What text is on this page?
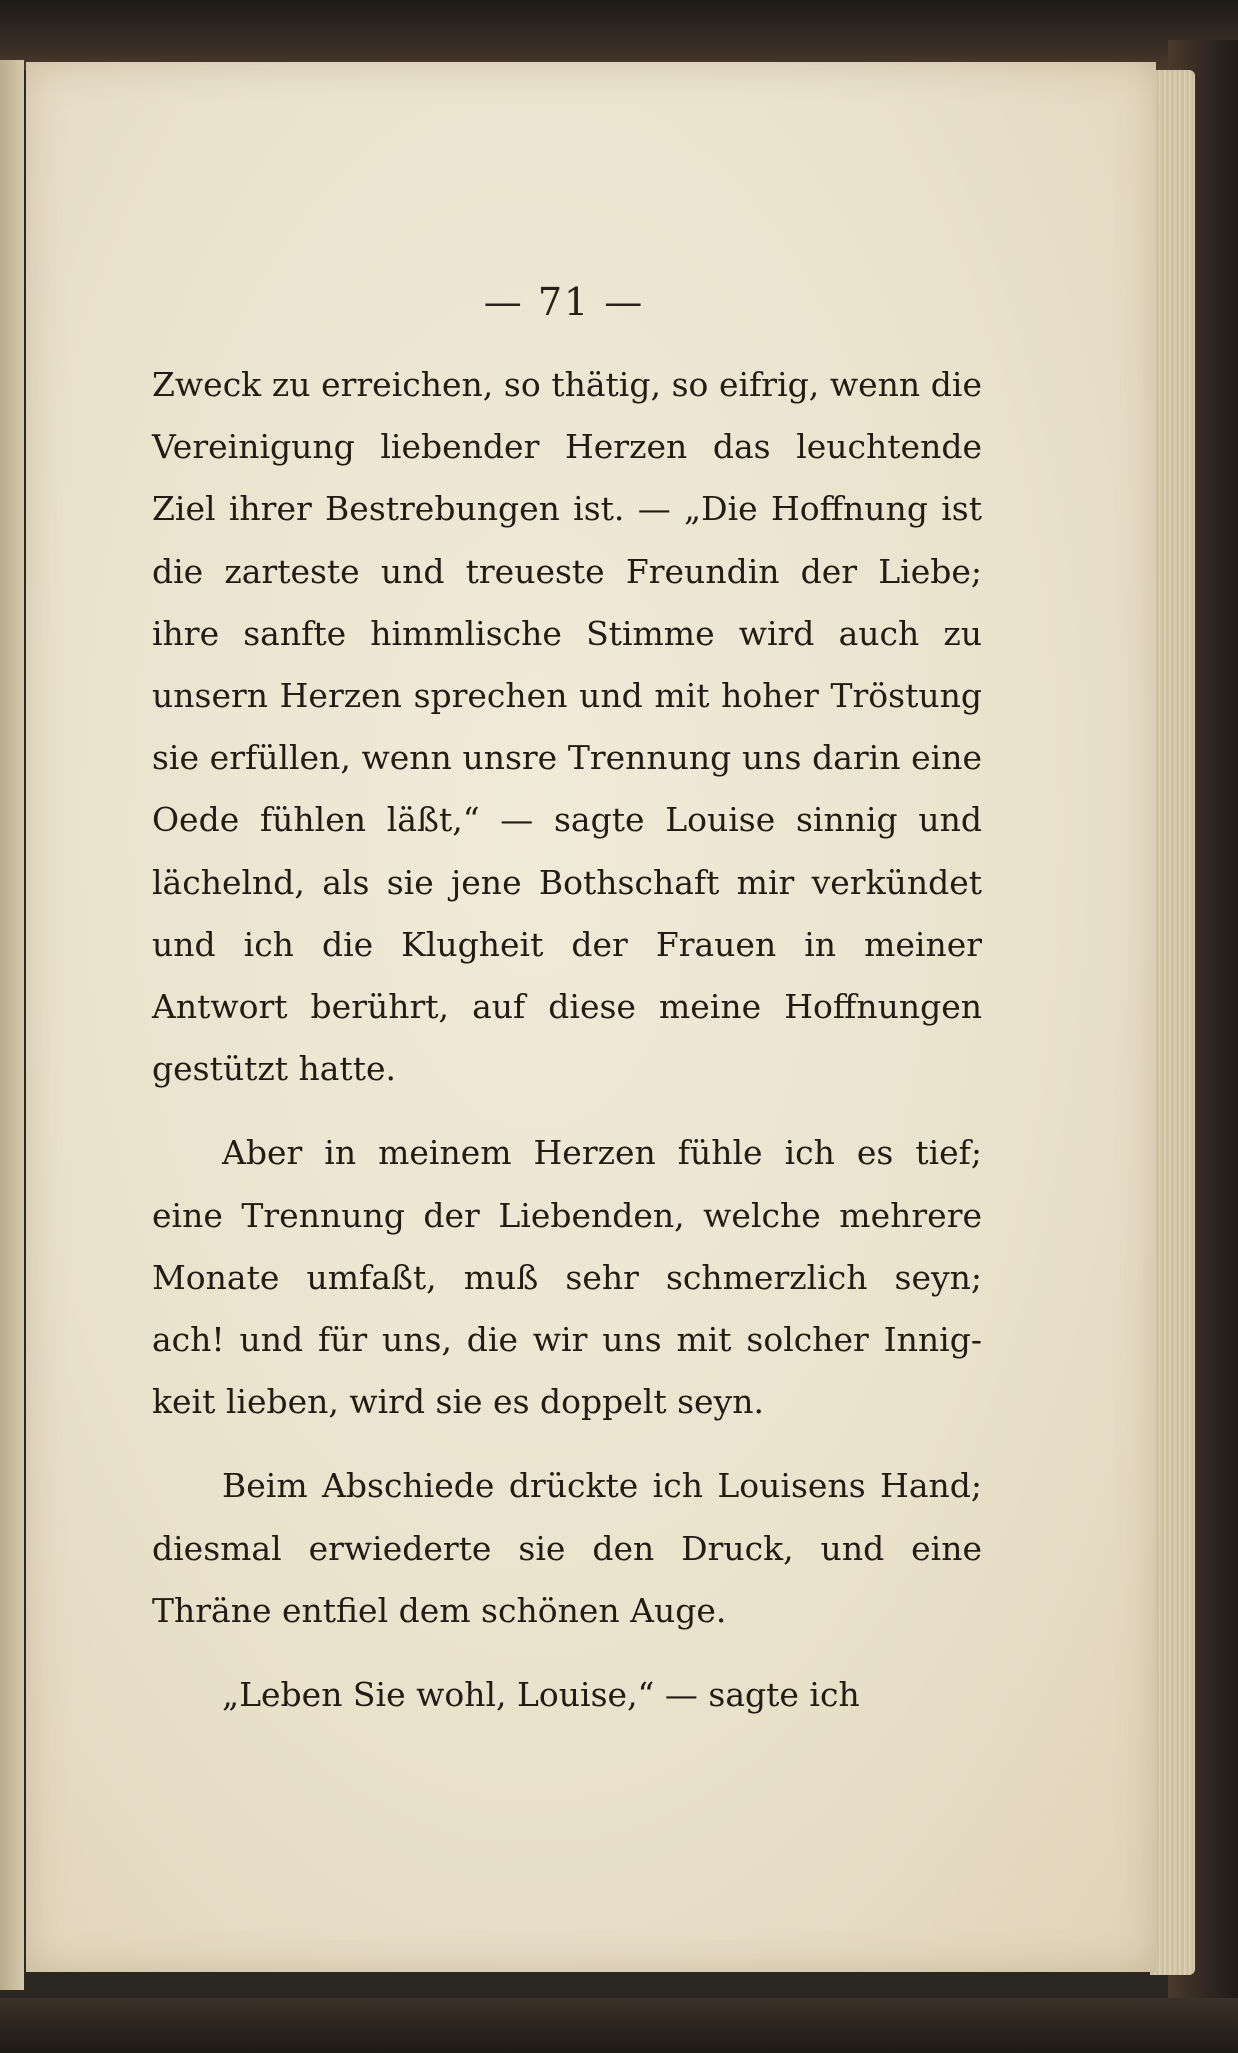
— 71 —

Zweck zu erreichen, so thätig, so eifrig, wenn die Vereinigung liebender Herzen das leuchtende Ziel ihrer Bestrebungen ist. — „Die Hoffnung ist die zarteste und treueste Freundin der Liebe; ihre sanfte himmlische Stimme wird auch zu unsern Herzen sprechen und mit hoher Tröstung sie erfüllen, wenn unsre Trennung uns darin eine Oede fühlen läßt,“ — sagte Louise sinnig und lächelnd, als sie jene Bothschaft mir verkündet und ich die Klugheit der Frauen in meiner Antwort berührt, auf diese meine Hoffnungen gestützt hatte.

Aber in meinem Herzen fühle ich es tief; eine Trennung der Liebenden, welche mehrere Monate umfaßt, muß sehr schmerzlich seyn; ach! und für uns, die wir uns mit solcher Innigkeit lieben, wird sie es doppelt seyn.

Beim Abschiede drückte ich Louisens Hand; diesmal erwiederte sie den Druck, und eine Thräne entfiel dem schönen Auge.

„Leben Sie wohl, Louise,“ — sagte ich
